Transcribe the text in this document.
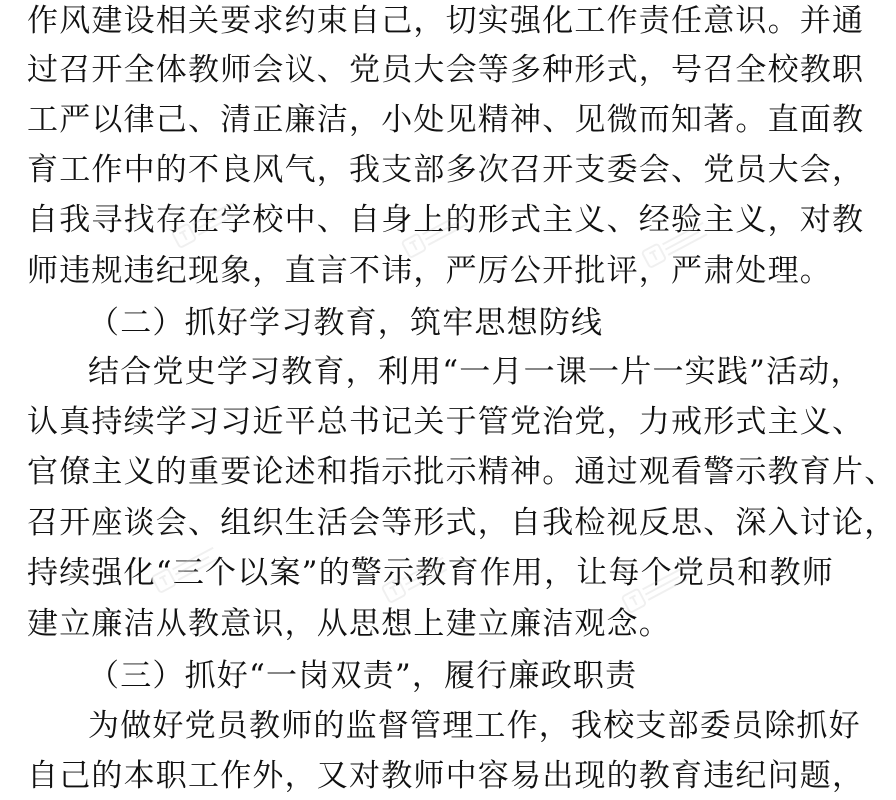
作风建设相关要求约束自己，切实强化工作责任意识。并通
过召开全体教师会议、党员大会等多种形式，号召全校教职
工严以律己、清正廉洁，小处见精神、见微而知著。直面教
育工作中的不良风气，我支部多次召开支委会、党员大会，
自我寻找存在学校中、自身上的形式主义、经验主义，对教
师违规违纪现象，直言不讳，严厉公开批评，严肃处理。
（二）抓好学习教育，筑牢思想防线
结合党史学习教育，利用“一月一课一片一实践”活动，
认真持续学习习近平总书记关于管党治党，力戒形式主义、
官僚主义的重要论述和指示批示精神。通过观看警示教育片、
召开座谈会、组织生活会等形式，自我检视反思、深入讨论，
持续强化“三个以案”的警示教育作用，让每个党员和教师
建立廉洁从教意识，从思想上建立廉洁观念。
（三）抓好“一岗双责”，履行廉政职责
为做好党员教师的监督管理工作，我校支部委员除抓好
自己的本职工作外，又对教师中容易出现的教育违纪问题，
